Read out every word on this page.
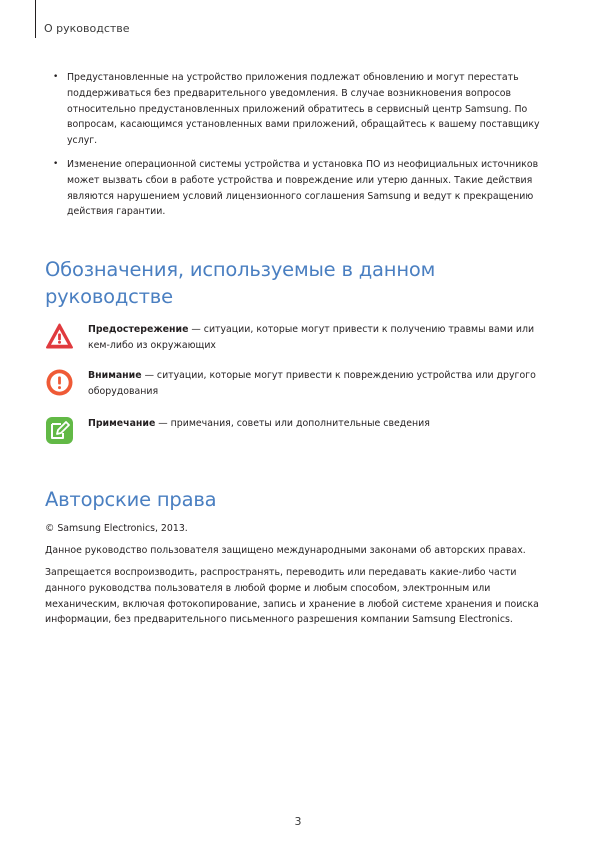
О руководстве
• Предустановленные на устройство приложения подлежат обновлению и могут перестать поддерживаться без предварительного уведомления. В случае возникновения вопросов относительно предустановленных приложений обратитесь в сервисный центр Samsung. По вопросам, касающимся установленных вами приложений, обращайтесь к вашему поставщику услуг.
• Изменение операционной системы устройства и установка ПО из неофициальных источников может вызвать сбои в работе устройства и повреждение или утерю данных. Такие действия являются нарушением условий лицензионного соглашения Samsung и ведут к прекращению действия гарантии.
Обозначения, используемые в данном руководстве
Предостережение — ситуации, которые могут привести к получению травмы вами или кем-либо из окружающих
Внимание — ситуации, которые могут привести к повреждению устройства или другого оборудования
Примечание — примечания, советы или дополнительные сведения
Авторские права

© Samsung Electronics, 2013.

Данное руководство пользователя защищено международными законами об авторских правах.

Запрещается воспроизводить, распространять, переводить или передавать какие-либо части данного руководства пользователя в любой форме и любым способом, электронным или механическим, включая фотокопирование, запись и хранение в любой системе хранения и поиска информации, без предварительного письменного разрешения компании Samsung Electronics.

3
